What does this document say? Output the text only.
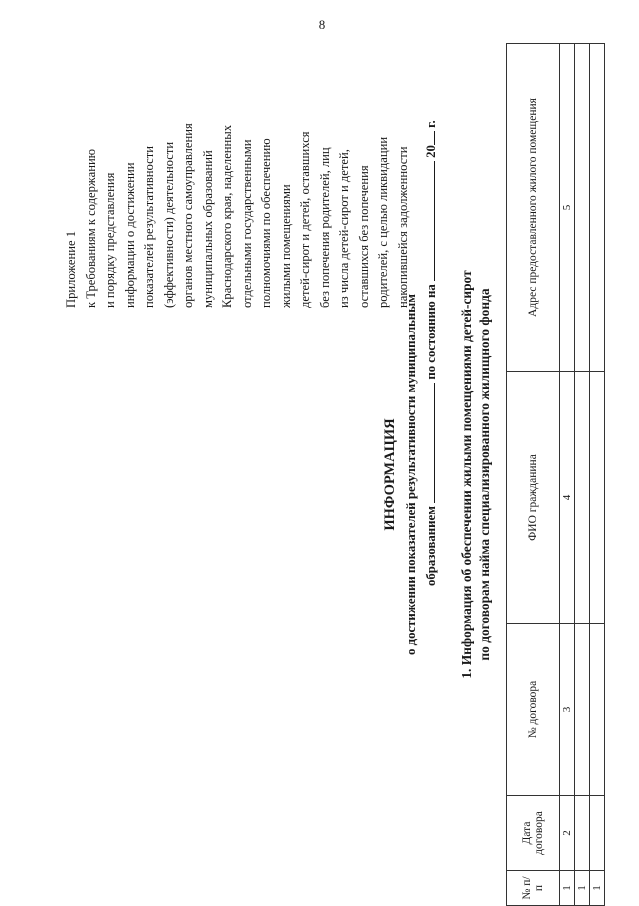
8
Приложение 1 к Требованиям к содержанию и порядку представления информации о достижении показателей результативности (эффективности) деятельности органов местного самоуправления муниципальных образований Краснодарского края, наделенных отдельными государственными полномочиями по обеспечению жилыми помещениями детей-сирот и детей, оставшихся без попечения родителей, лиц из числа детей-сирот и детей, оставшихся без попечения родителей, с целью ликвидации накопившейся задолженности
ИНФОРМАЦИЯ о достижении показателей результативности муниципальным образованием  по состоянию на  20 г.
1. Информация об обеспечении жилыми помещениями детей-сирот по договорам найма специализированного жилищного фонда
№ п/п	Дата договора	№ договора	ФИО гражданина	Адрес предоставленного жилого помещения
1	2	3	4	5
1				
1				
